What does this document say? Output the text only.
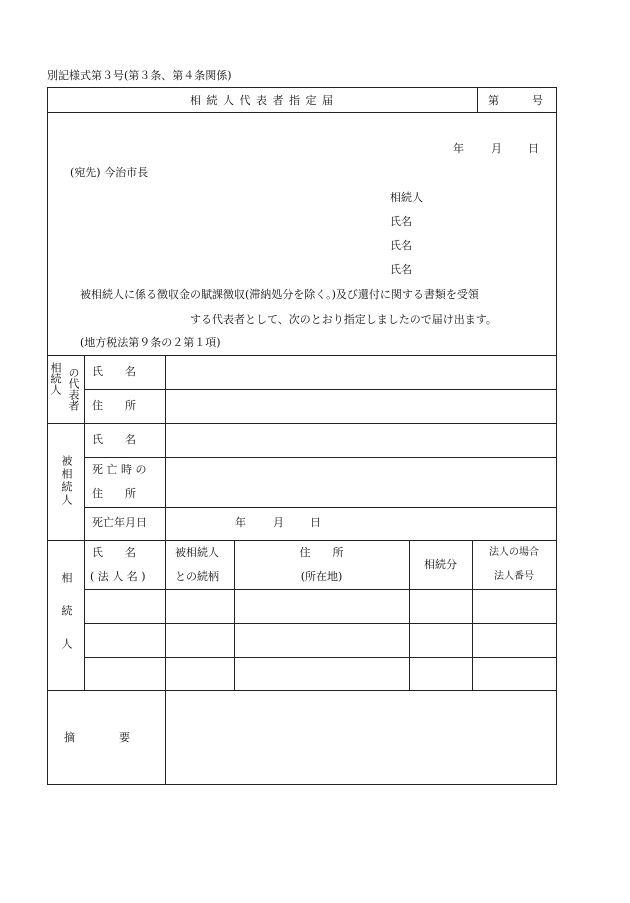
別記様式第３号(第３条、第４条関係)
相 続 人 代 表 者 指 定 届	第　　　号
年 月 日
(宛先) 今治市長
相続人
氏名
氏名
氏名
被相続人に係る徴収金の賦課徴収(滞納処分を除く。)及び還付に関する書類を受領
する代表者として、次のとおり指定しましたので届け出ます。
(地方税法第９条の２第１項)
相続人 の代表者 氏　　名
住　　所
被相続人
氏　　名
死 亡 時 の
住　　所
死亡年月日	年 月 日
相続人
氏　　名
( 法 人 名 )
被相続人
との続柄
住　　所
(所在地)
相続分
法人の場合
法人番号
摘　　　　要
